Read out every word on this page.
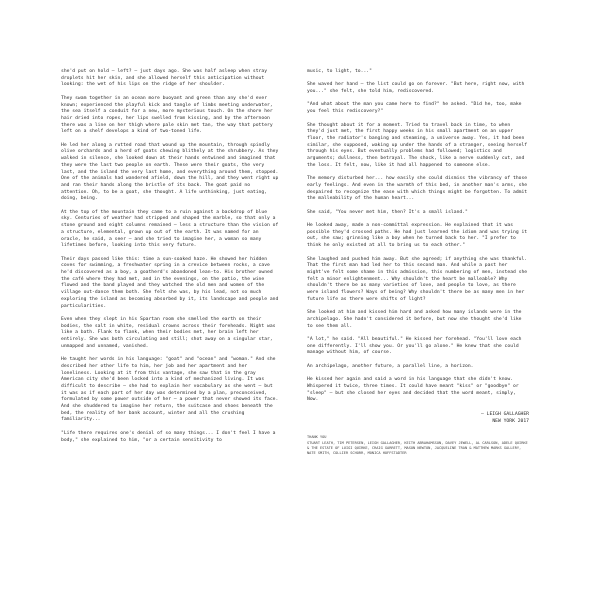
she'd put on hold — left? — just days ago. She was half asleep when stray droplets hit her skin, and she allowed herself this anticipation without looking: the wet of his lips on the ridge of her shoulder.

They swam together in an ocean more buoyant and green than any she'd ever known; experienced the playful kick and tangle of limbs meeting underwater, the sea itself a conduit for a new, more mysterious touch. On the shore her hair dried into ropes, her lips swelled from kissing, and by the afternoon there was a line on her thigh where pale skin met tan, the way that pottery left on a shelf develops a kind of two-toned life.

He led her along a rutted road that wound up the mountain, through spindly olive orchards and a herd of goats chewing blithely at the shrubbery. As they walked in silence, she looked down at their hands entwined and imagined that they were the last two people on earth. These were their goats, the very last, and the island the very last home, and everything around them, stopped. One of the animals had wandered afield, down the hill, and they went right up and ran their hands along the bristle of its back. The goat paid no attention. Oh, to be a goat, she thought. A life unthinking, just eating, doing, being.

At the top of the mountain they came to a ruin against a backdrop of blue sky. Centuries of weather had stripped and shaped the marble, so that only a stone ground and eight columns remained — less a structure than the vision of a structure, elemental, grown up out of the earth. It was named for an oracle, he said, a seer — and she tried to imagine her, a woman so many lifetimes before, looking into this very future.

Their days passed like this: time a sun-soaked haze. He showed her hidden coves for swimming, a freshwater spring in a crevice between rocks, a cave he'd discovered as a boy, a goatherd's abandoned lean-to. His brother owned the café where they had met, and in the evenings, on the patio, the wine flowed and the band played and they watched the old men and women of the village out-dance them both. She felt she was, by his lead, not so much exploring the island as becoming absorbed by it, its landscape and people and particularities.

Even when they slept in his Spartan room she smelled the earth on their bodies, the salt in white, residual crowns across their foreheads. Night was like a bath. Flank to flank, when their bodies met, her brain left her entirely. She was both circulating and still; shot away on a singular star, unmapped and unnamed, vanished.

He taught her words in his language: "goat" and "ocean" and "woman." And she described her other life to him, her job and her apartment and her loneliness. Looking at it from this vantage, she saw that in the gray American city she'd been locked into a kind of mechanized living. It was difficult to describe — she had to explain her vocabulary as she went — but it was as if each part of her day was determined by a plan, preconceived, formulated by some power outside of her — a power that never showed its face. And she shuddered to imagine her return, the suitcase and shoes beneath the bed, the reality of her bank account, winter and all the crushing familiarity...

"Life there requires one's denial of so many things... I don't feel I have a body," she explained to him, "or a certain sensitivity to

music, to light, to..."

She waved her hand — the list could go on forever. "But here, right now, with you..." she felt, she told him, rediscovered.

"And what about the man you came here to find?" he asked. "Did he, too, make you feel this rediscovery?"

She thought about it for a moment. Tried to travel back in time, to when they'd just met, the first happy weeks in his small apartment on an upper floor, the radiator's banging and steaming, a universe away. Yes, it had been similar, she supposed, waking up under the hands of a stranger, seeing herself through his eyes. But eventually problems had followed; logistics and arguments; dullness, then betrayal. The shock, like a nerve suddenly cut, and the loss. It felt, now, like it had all happened to someone else.

The memory disturbed her... how easily she could dismiss the vibrancy of those early feelings. And even in the warmth of this bed, in another man's arms, she despaired to recognize the ease with which things might be forgotten. To admit the malleability of the human heart...

She said, "You never met him, then? It's a small island."

He looked away, made a non-committal expression. He explained that it was possible they'd crossed paths. He had just learned the idiom and was trying it out, she saw; grinning like a boy when he turned back to her. "I prefer to think he only existed at all to bring us to each other."

She laughed and pushed him away. But she agreed; if anything she was thankful. That the first man had led her to this second man. And while a past her might've felt some shame in this admission, this numbering of men, instead she felt a minor enlightenment... Why shouldn't the heart be malleable? Why shouldn't there be as many varieties of love, and people to love, as there were island flowers? Ways of being? Why shouldn't there be as many men in her future life as there were shifts of light?

She looked at him and kissed him hard and asked how many islands were in the archipelago. She hadn't considered it before, but now she thought she'd like to see them all.

"A lot," he said. "All beautiful." He kissed her forehead. "You'll love each one differently. I'll show you. Or you'll go alone." He knew that she could manage without him, of course.

An archipelago, another future, a parallel line, a horizon.

He kissed her again and said a word in his language that she didn't know. Whispered it twice, three times. It could have meant "kiss" or "goodbye" or "sleep" — but she closed her eyes and decided that the word meant, simply, Now.

— LEIGH GALLAGHER
NEW YORK 2017

THANK YOU

STUART LEATH, TIM PETERSEN, LEIGH GALLAGHER, KEITH ABRAHAMSSON, DAVEY JEWELL, AL CARLSON, ADELE QUIRKE & THE ESTATE OF LUIGI QUIRKE, CRAIG GARRETT, MASON NEWTON, JACQUELINE TRAN & MATTHEW MARKS GALLERY, NATE SMITH, COLLIER SCHORR, MONICA HOFFSTADTER
